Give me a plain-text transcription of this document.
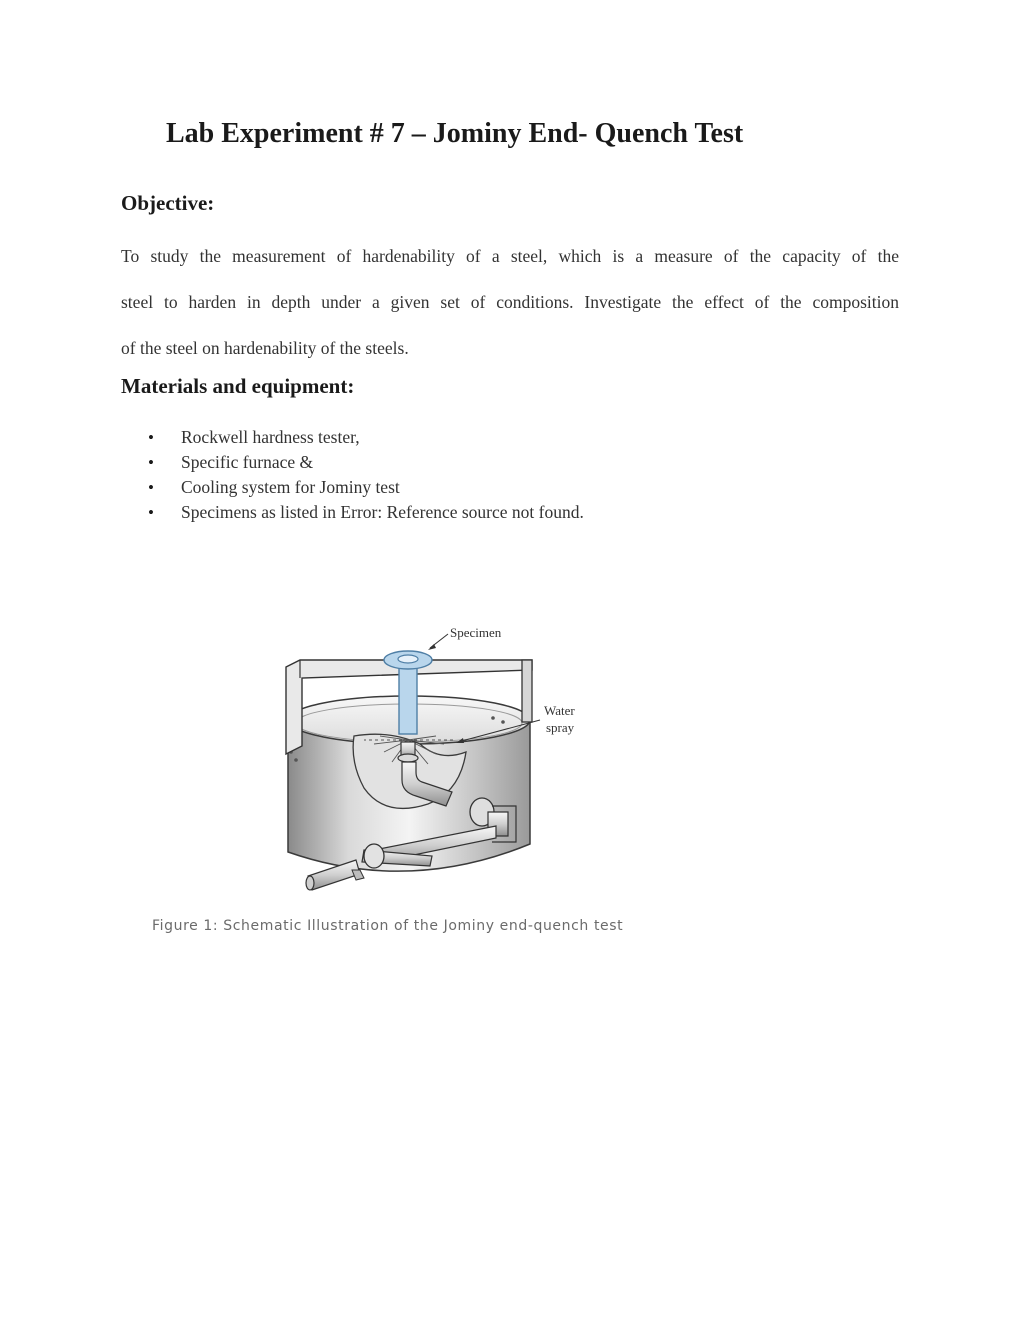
Lab Experiment # 7 – Jominy End- Quench Test
Objective:
To study the measurement of hardenability of a steel, which is a measure of the capacity of the
steel to harden in depth under a given set of conditions. Investigate the effect of the composition
of the steel on hardenability of the steels.
Materials and equipment:
• Rockwell hardness tester,
• Specific furnace &
• Cooling system for Jominy test
• Specimens as listed in Error: Reference source not found.
Specimen
Water
spray

Figure 1: Schematic Illustration of the Jominy end-quench test
